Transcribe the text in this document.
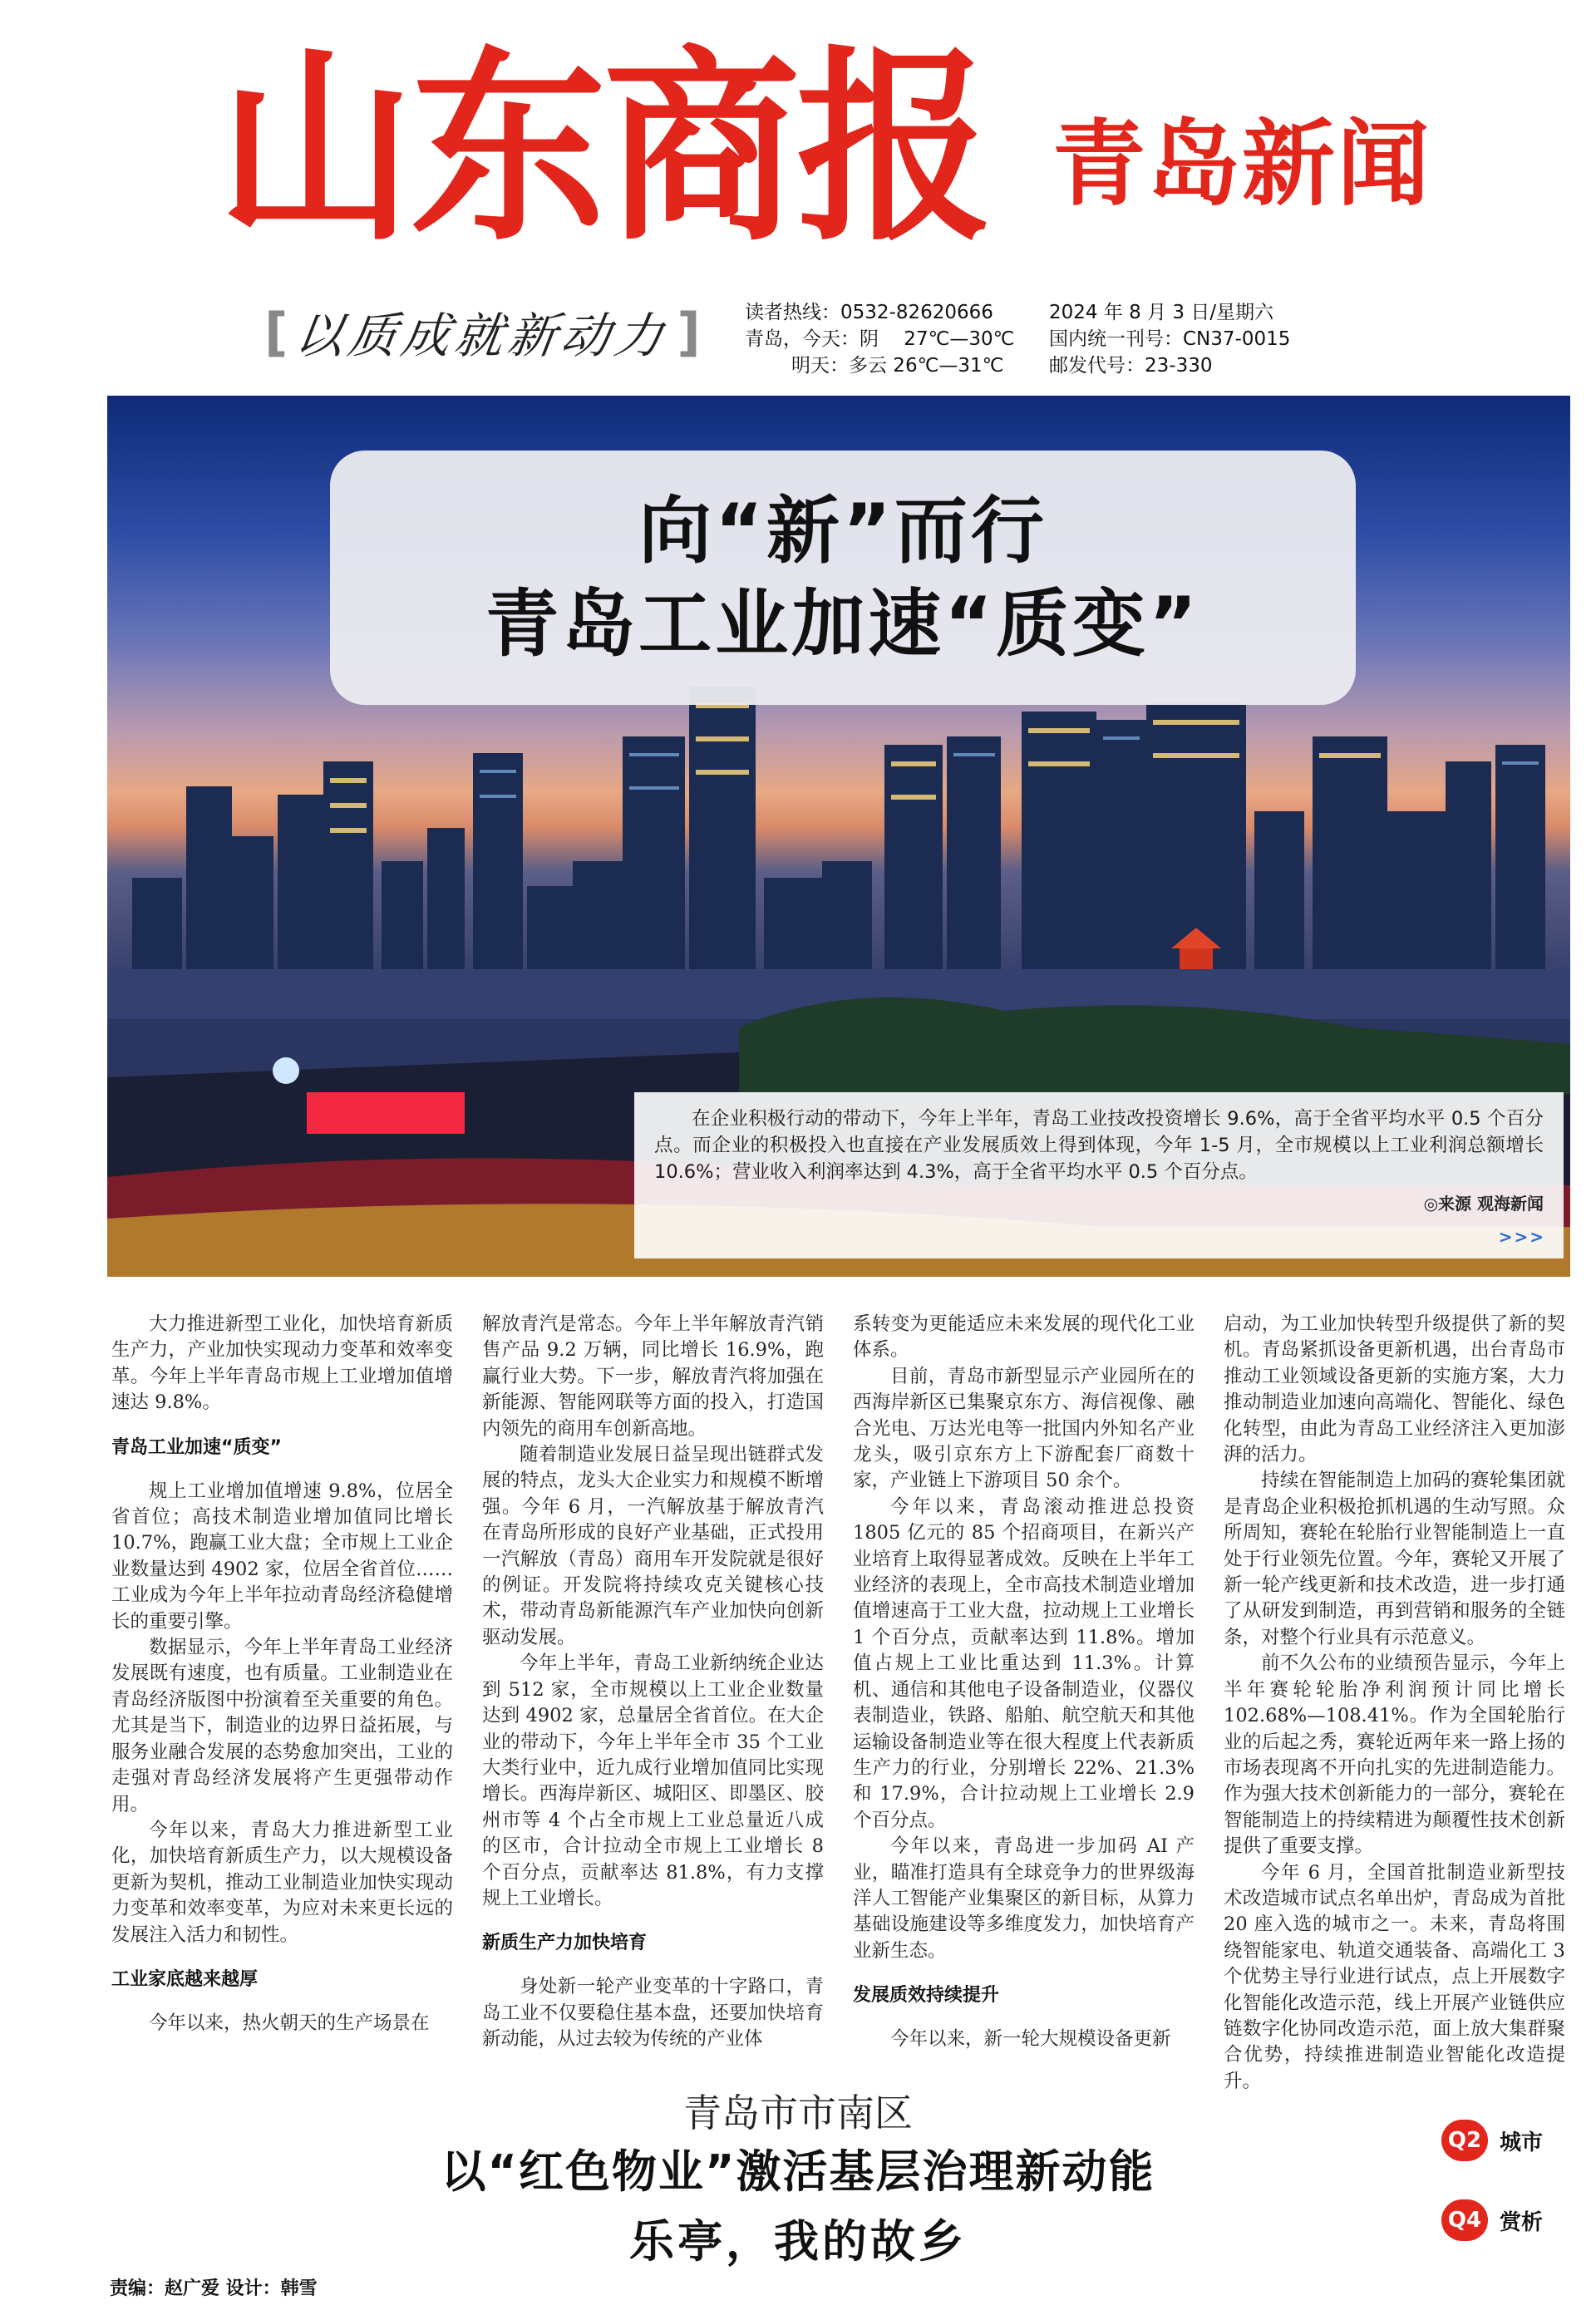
山东商报 青岛新闻
[ 以质成就新动力 ] 读者热线：0532-82620666
青岛，今天：阴　 27℃—30℃
明天：多云 26℃—31℃
2024 年 8 月 3 日/星期六
国内统一刊号：CN37-0015
邮发代号：23-330
向“新”而行
青岛工业加速“质变”
在企业积极行动的带动下，今年上半年，青岛工业技改投资增长 9.6%，高于全省平均水平 0.5 个百分点。而企业的积极投入也直接在产业发展质效上得到体现，今年 1-5 月，全市规模以上工业利润总额增长 10.6%；营业收入利润率达到 4.3%，高于全省平均水平 0.5 个百分点。
◎来源 观海新闻
>>>

大力推进新型工业化，加快培育新质生产力，产业加快实现动力变革和效率变革。今年上半年青岛市规上工业增加值增速达 9.8%。

青岛工业加速“质变”

规上工业增加值增速 9.8%，位居全省首位；高技术制造业增加值同比增长 10.7%，跑赢工业大盘；全市规上工业企业数量达到 4902 家，位居全省首位……工业成为今年上半年拉动青岛经济稳健增长的重要引擎。

数据显示，今年上半年青岛工业经济发展既有速度，也有质量。工业制造业在青岛经济版图中扮演着至关重要的角色。尤其是当下，制造业的边界日益拓展，与服务业融合发展的态势愈加突出，工业的走强对青岛经济发展将产生更强带动作用。

今年以来，青岛大力推进新型工业化，加快培育新质生产力，以大规模设备更新为契机，推动工业制造业加快实现动力变革和效率变革，为应对未来更长远的发展注入活力和韧性。

工业家底越来越厚

今年以来，热火朝天的生产场景在

解放青汽是常态。今年上半年解放青汽销售产品 9.2 万辆，同比增长 16.9%，跑赢行业大势。下一步，解放青汽将加强在新能源、智能网联等方面的投入，打造国内领先的商用车创新高地。

随着制造业发展日益呈现出链群式发展的特点，龙头大企业实力和规模不断增强。今年 6 月，一汽解放基于解放青汽在青岛所形成的良好产业基础，正式投用一汽解放（青岛）商用车开发院就是很好的例证。开发院将持续攻克关键核心技术，带动青岛新能源汽车产业加快向创新驱动发展。

今年上半年，青岛工业新纳统企业达到 512 家，全市规模以上工业企业数量达到 4902 家，总量居全省首位。在大企业的带动下，今年上半年全市 35 个工业大类行业中，近九成行业增加值同比实现增长。西海岸新区、城阳区、即墨区、胶州市等 4 个占全市规上工业总量近八成的区市，合计拉动全市规上工业增长 8 个百分点，贡献率达 81.8%，有力支撑规上工业增长。

新质生产力加快培育

身处新一轮产业变革的十字路口，青岛工业不仅要稳住基本盘，还要加快培育新动能，从过去较为传统的产业体

系转变为更能适应未来发展的现代化工业体系。

目前，青岛市新型显示产业园所在的西海岸新区已集聚京东方、海信视像、融合光电、万达光电等一批国内外知名产业龙头，吸引京东方上下游配套厂商数十家，产业链上下游项目 50 余个。

今年以来，青岛滚动推进总投资 1805 亿元的 85 个招商项目，在新兴产业培育上取得显著成效。反映在上半年工业经济的表现上，全市高技术制造业增加值增速高于工业大盘，拉动规上工业增长 1 个百分点，贡献率达到 11.8%。增加值占规上工业比重达到 11.3%。计算机、通信和其他电子设备制造业，仪器仪表制造业，铁路、船舶、航空航天和其他运输设备制造业等在很大程度上代表新质生产力的行业，分别增长 22%、21.3% 和 17.9%，合计拉动规上工业增长 2.9 个百分点。

今年以来，青岛进一步加码 AI 产业，瞄准打造具有全球竞争力的世界级海洋人工智能产业集聚区的新目标，从算力基础设施建设等多维度发力，加快培育产业新生态。

发展质效持续提升

今年以来，新一轮大规模设备更新

启动，为工业加快转型升级提供了新的契机。青岛紧抓设备更新机遇，出台青岛市推动工业领域设备更新的实施方案，大力推动制造业加速向高端化、智能化、绿色化转型，由此为青岛工业经济注入更加澎湃的活力。

持续在智能制造上加码的赛轮集团就是青岛企业积极抢抓机遇的生动写照。众所周知，赛轮在轮胎行业智能制造上一直处于行业领先位置。今年，赛轮又开展了新一轮产线更新和技术改造，进一步打通了从研发到制造，再到营销和服务的全链条，对整个行业具有示范意义。

前不久公布的业绩预告显示，今年上半年赛轮轮胎净利润预计同比增长 102.68%—108.41%。作为全国轮胎行业的后起之秀，赛轮近两年来一路上扬的市场表现离不开向扎实的先进制造能力。作为强大技术创新能力的一部分，赛轮在智能制造上的持续精进为颠覆性技术创新提供了重要支撑。

今年 6 月，全国首批制造业新型技术改造城市试点名单出炉，青岛成为首批 20 座入选的城市之一。未来，青岛将围绕智能家电、轨道交通装备、高端化工 3 个优势主导行业进行试点，点上开展数字化智能化改造示范，线上开展产业链供应链数字化协同改造示范，面上放大集群聚合优势，持续推进制造业智能化改造提升。

青岛市市南区
以“红色物业”激活基层治理新动能
乐亭，我的故乡
Q2 城市
Q4 赏析
责编：赵广爱 设计：韩雪
